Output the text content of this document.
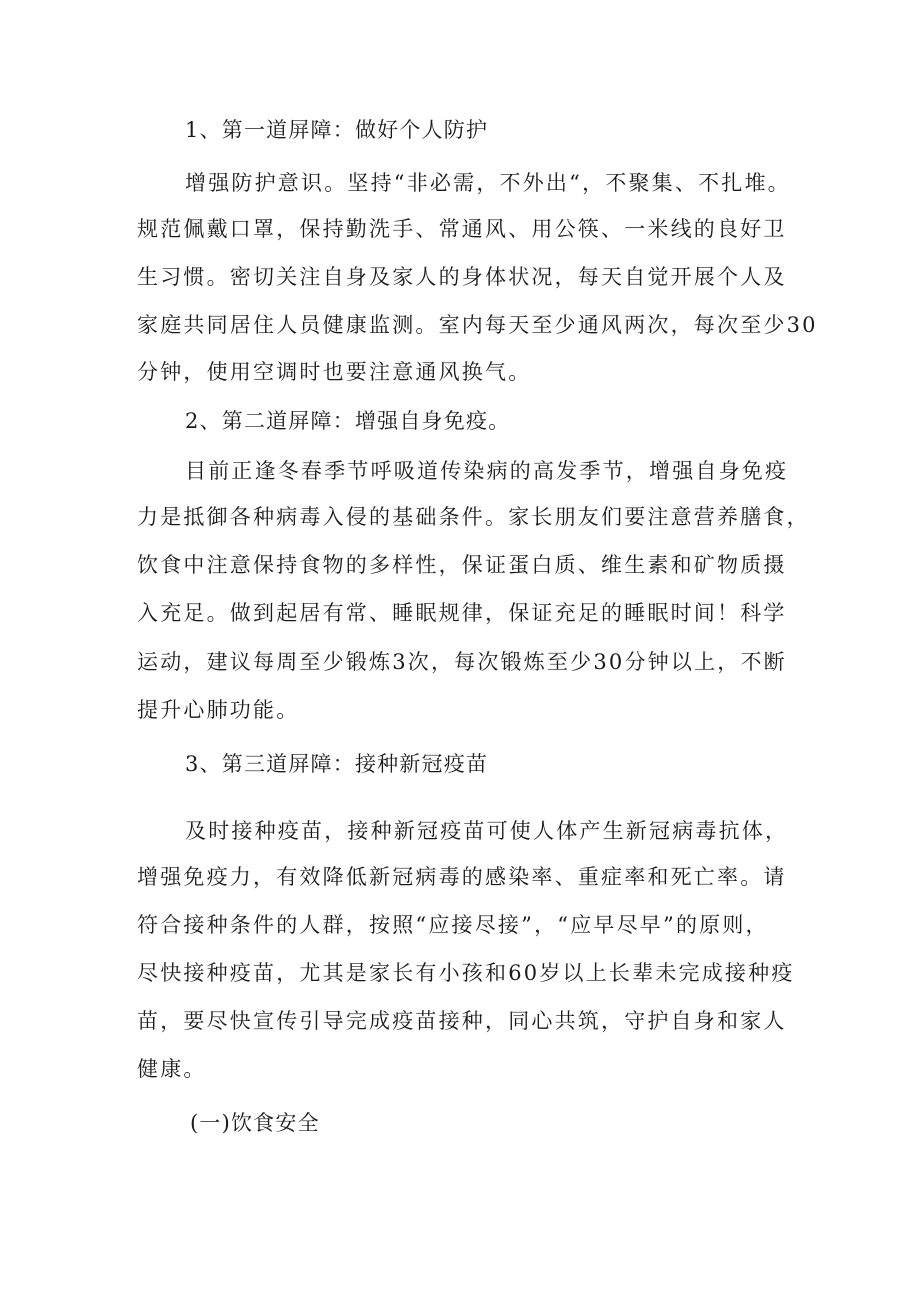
1、第一道屏障：做好个人防护
增强防护意识。坚持“非必需，不外出“，不聚集、不扎堆。
规范佩戴口罩，保持勤洗手、常通风、用公筷、一米线的良好卫
生习惯。密切关注自身及家人的身体状况，每天自觉开展个人及
家庭共同居住人员健康监测。室内每天至少通风两次，每次至少30
分钟，使用空调时也要注意通风换气。
2、第二道屏障：增强自身免疫。
目前正逢冬春季节呼吸道传染病的高发季节，增强自身免疫
力是抵御各种病毒入侵的基础条件。家长朋友们要注意营养膳食，
饮食中注意保持食物的多样性，保证蛋白质、维生素和矿物质摄
入充足。做到起居有常、睡眠规律，保证充足的睡眠时间！科学
运动，建议每周至少锻炼3次，每次锻炼至少30分钟以上，不断
提升心肺功能。
3、第三道屏障：接种新冠疫苗
及时接种疫苗，接种新冠疫苗可使人体产生新冠病毒抗体，
增强免疫力，有效降低新冠病毒的感染率、重症率和死亡率。请
符合接种条件的人群，按照“应接尽接”，“应早尽早”的原则，
尽快接种疫苗，尤其是家长有小孩和60岁以上长辈未完成接种疫
苗，要尽快宣传引导完成疫苗接种，同心共筑，守护自身和家人
健康。
(一)饮食安全
